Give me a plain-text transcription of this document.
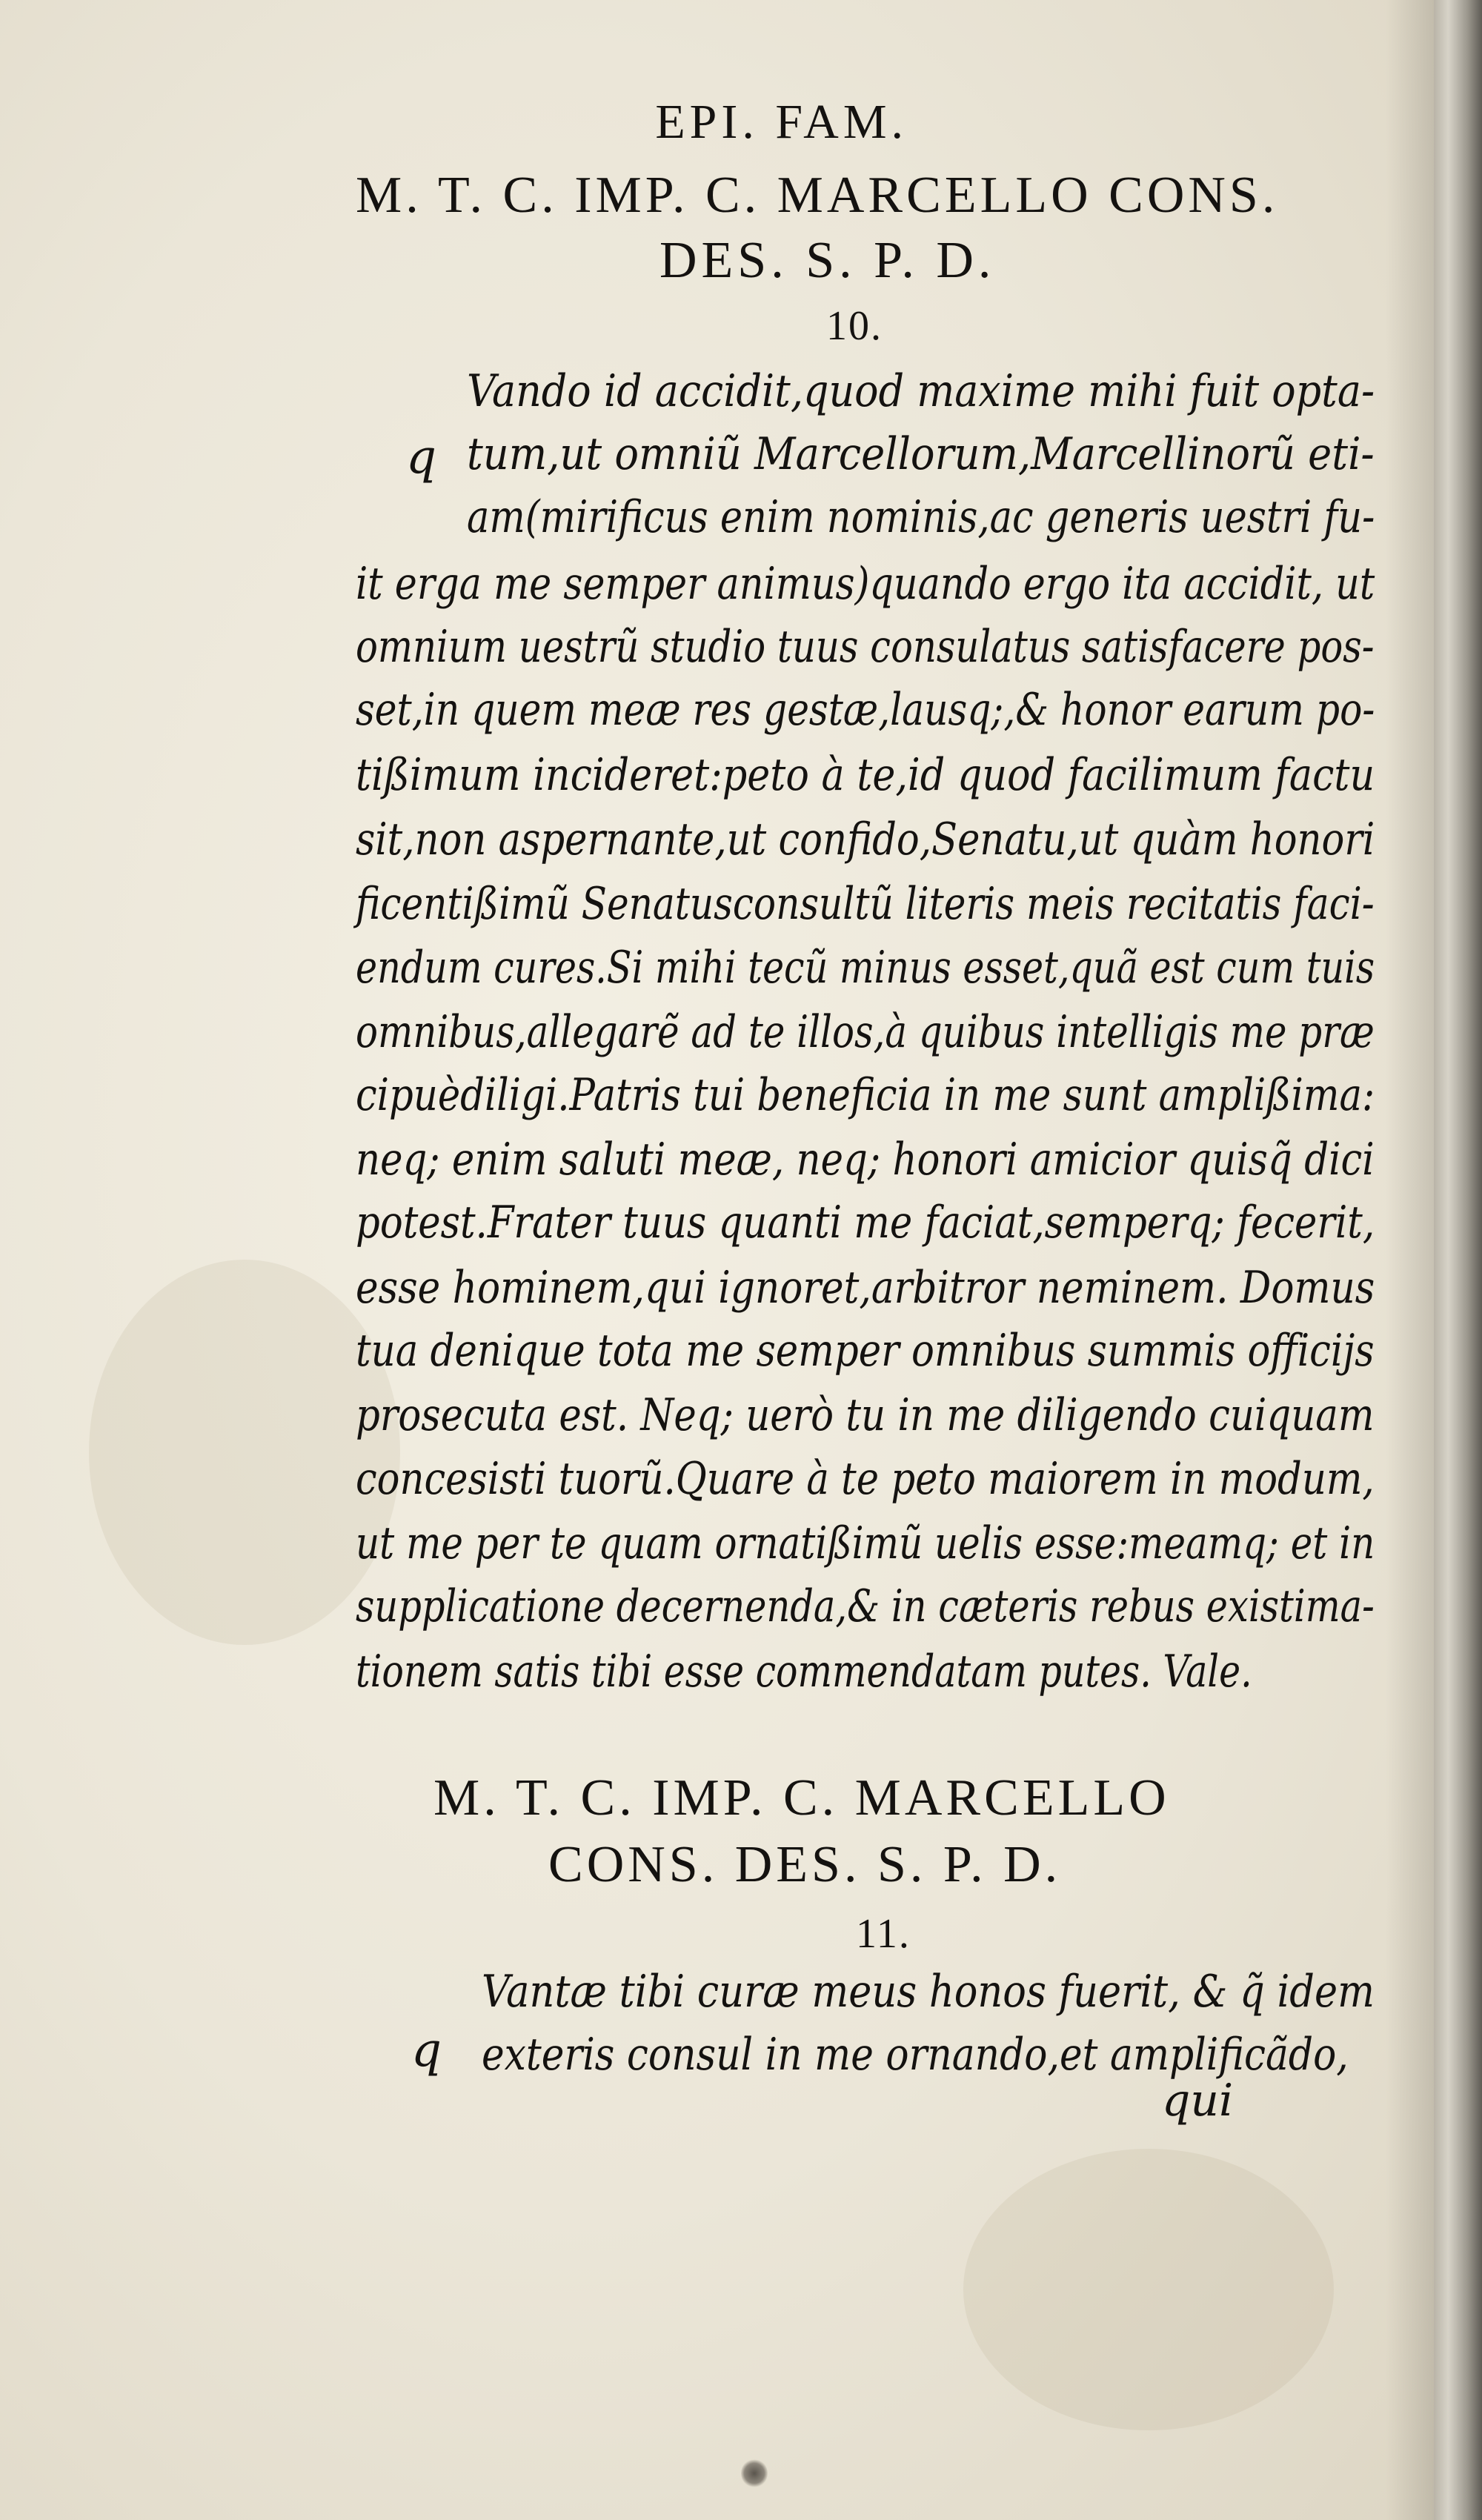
EPI. FAM.
M. T. C. IMP. C. MARCELLO CONS.
DES. S. P. D.
10.
q
Vando id accidit,quod maxime mihi fuit opta-
tum,ut omniũ Marcellorum,Marcellinorũ eti-
am(mirificus enim nominis,ac generis uestri fu-
it erga me semper animus)quando ergo ita accidit, ut
omnium uestrũ studio tuus consulatus satisfacere pos-
set,in quem meæ res gestæ,lausq;,& honor earum po-
tißimum incideret:peto à te,id quod facilimum factu
sit,non aspernante,ut confido,Senatu,ut quàm honori
ficentißimũ Senatusconsultũ literis meis recitatis faci-
endum cures.Si mihi tecũ minus esset,quã est cum tuis
omnibus,allegarẽ ad te illos,à quibus intelligis me præ
cipuèdiligi.Patris tui beneficia in me sunt amplißima:
neq; enim saluti meæ, neq; honori amicior quisq̃ dici
potest.Frater tuus quanti me faciat,semperq; fecerit,
esse hominem,qui ignoret,arbitror neminem. Domus
tua denique tota me semper omnibus summis officijs
prosecuta est. Neq; uerò tu in me diligendo cuiquam
concesisti tuorũ.Quare à te peto maiorem in modum,
ut me per te quam ornatißimũ uelis esse:meamq; et in
supplicatione decernenda,& in cæteris rebus existima-
tionem satis tibi esse commendatam putes. Vale.
M. T. C. IMP. C. MARCELLO
CONS. DES. S. P. D.
11.
q
Vantæ tibi curæ meus honos fuerit, & q̃ idem
exteris consul in me ornando,et amplificãdo,
qui
